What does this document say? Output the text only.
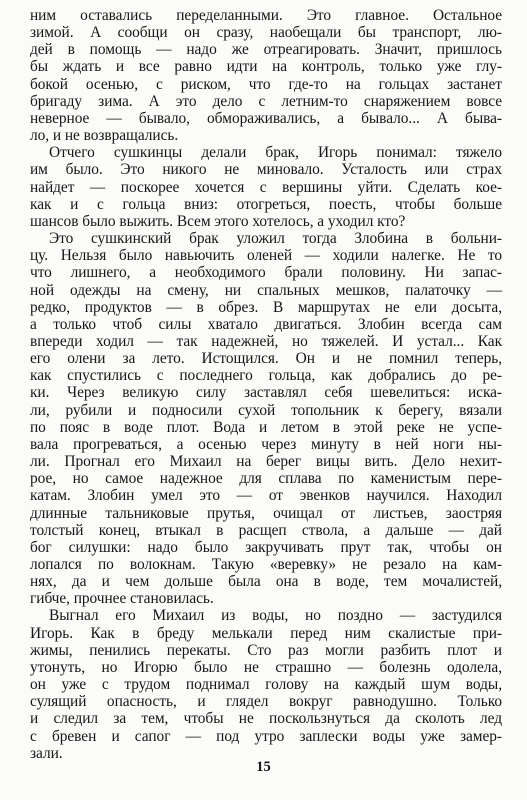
ним оставались переделанными. Это главное. Остальное
зимой. А сообщи он сразу, наобещали бы транспорт, лю-
дей в помощь — надо же отреагировать. Значит, пришлось
бы ждать и все равно идти на контроль, только уже глу-
бокой осенью, с риском, что где-то на гольцах застанет
бригаду зима. А это дело с летним-то снаряжением вовсе
неверное — бывало, обмораживались, а бывало... А быва-
ло, и не возвращались.
Отчего сушкинцы делали брак, Игорь понимал: тяжело
им было. Это никого не миновало. Усталость или страх
найдет — поскорее хочется с вершины уйти. Сделать кое-
как и с гольца вниз: отогреться, поесть, чтобы больше
шансов было выжить. Всем этого хотелось, а уходил кто?
Это сушкинский брак уложил тогда Злобина в больни-
цу. Нельзя было навьючить оленей — ходили налегке. Не то
что лишнего, а необходимого брали половину. Ни запас-
ной одежды на смену, ни спальных мешков, палаточку —
редко, продуктов — в обрез. В маршрутах не ели досыта,
а только чтоб силы хватало двигаться. Злобин всегда сам
впереди ходил — так надежней, но тяжелей. И устал... Как
его олени за лето. Истощился. Он и не помнил теперь,
как спустились с последнего гольца, как добрались до ре-
ки. Через великую силу заставлял себя шевелиться: иска-
ли, рубили и подносили сухой топольник к берегу, вязали
по пояс в воде плот. Вода и летом в этой реке не успе-
вала прогреваться, а осенью через минуту в ней ноги ны-
ли. Прогнал его Михаил на берег вицы вить. Дело нехит-
рое, но самое надежное для сплава по каменистым пере-
катам. Злобин умел это — от эвенков научился. Находил
длинные тальниковые прутья, очищал от листьев, заостряя
толстый конец, втыкал в расщеп ствола, а дальше — дай
бог силушки: надо было закручивать прут так, чтобы он
лопался по волокнам. Такую «веревку» не резало на кам-
нях, да и чем дольше была она в воде, тем мочалистей,
гибче, прочнее становилась.
Выгнал его Михаил из воды, но поздно — застудился
Игорь. Как в бреду мелькали перед ним скалистые при-
жимы, пенились перекаты. Сто раз могли разбить плот и
утонуть, но Игорю было не страшно — болезнь одолела,
он уже с трудом поднимал голову на каждый шум воды,
сулящий опасность, и глядел вокруг равнодушно. Только
и следил за тем, чтобы не поскользнуться да сколоть лед
с бревен и сапог — под утро заплески воды уже замер-
зали.
15
